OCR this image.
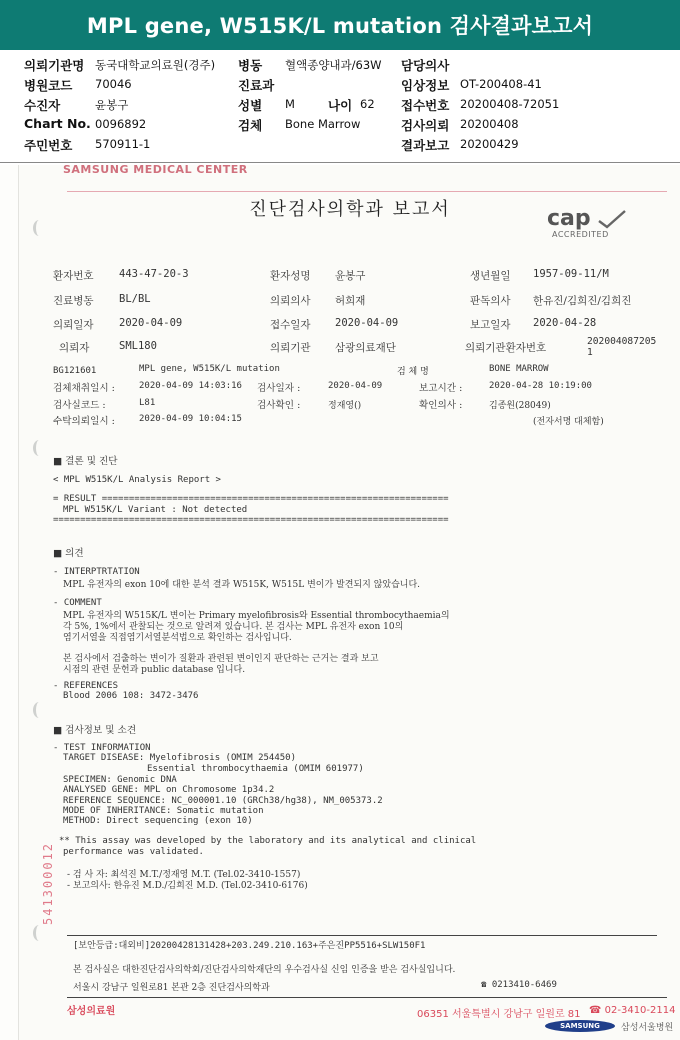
MPL gene, W515K/L mutation 검사결과보고서
의뢰기관명 동국대학교의료원(경주) 병동 혈액종양내과/63W 담당의사
병원코드 70046	진료과	임상정보 OT-200408-41
수진자	윤봉구	성별 M	나이 62 접수번호 20200408-72051
Chart No. 0096892	검체 Bone Marrow	검사의뢰 20200408
주민번호 570911-1	결과보고 20200429
SAMSUNG MEDICAL CENTER
진단검사의학과 보고서	cap
ACCREDITED
환자번호 443-47-20-3	환자성명 윤봉구	생년월일 1957-09-11/M
진료병동 BL/BL	의뢰의사 허희재	판독의사 한유진/김희진/김희진
의뢰일자 2020-04-09	접수일자 2020-04-09	보고일자 2020-04-28
의뢰자	SML180	의뢰기관 삼광의료재단	의뢰기관환자번호
202004087205
1
BG121601	MPL gene, W515K/L mutation	검 체 명	BONE MARROW
검체채취일시 :	2020-04-09 14:03:16 검사일자 :	2020-04-09	보고시간 :	2020-04-28 10:19:00
검사실코드 :	L81	검사확인 :	정재영()	확인의사 :	김종원(28049)
수탁의뢰일시 :	2020-04-09 10:04:15	(전자서명 대체함)
■ 결론 및 진단
< MPL W515K/L Analysis Report >
= RESULT ================================================================
MPL W515K/L Variant : Not detected
=========================================================================
■ 의견
- INTERPTRTATION
MPL 유전자의 exon 10에 대한 분석 결과 W515K, W515L 변이가 발견되지 않았습니다.
- COMMENT
MPL 유전자의 W515K/L 변이는 Primary myelofibrosis와 Essential thrombocythaemia의
각 5%, 1%에서 관찰되는 것으로 알려져 있습니다. 본 검사는 MPL 유전자 exon 10의
염기서열을 직접염기서열분석법으로 확인하는 검사입니다.
본 검사에서 검출하는 변이가 질환과 관련된 변이인지 판단하는 근거는 결과 보고
시점의 관련 문헌과 public database 입니다.
- REFERENCES
Blood 2006 108: 3472-3476
■ 검사정보 및 소견
- TEST INFORMATION
TARGET DISEASE: Myelofibrosis (OMIM 254450)
Essential thrombocythaemia (OMIM 601977)
SPECIMEN: Genomic DNA
ANALYSED GENE: MPL on Chromosome 1p34.2
REFERENCE SEQUENCE: NC_000001.10 (GRCh38/hg38), NM_005373.2
MODE OF INHERITANCE: Somatic mutation
METHOD: Direct sequencing (exon 10)
** This assay was developed by the laboratory and its analytical and clinical
performance was validated.
- 검 사 자: 최석진 M.T./정재영 M.T. (Tel.02-3410-1557)
- 보고의사: 한유진 M.D./김희진 M.D. (Tel.02-3410-6176)
541300012
[보안등급:대외비]20200428131428+203.249.210.163+주은진PP5516+SLW150F1
본 검사실은 대한진단검사의학회/진단검사의학재단의 우수검사실 신임 인증을 받은 검사실입니다.
서울시 강남구 일원로81 본관 2층 진단검사의학과	☎ 0213410-6469
삼성의료원	06351 서울특별시 강남구 일원로 81 ☎ 02-3410-2114
SAMSUNG	삼성서울병원
